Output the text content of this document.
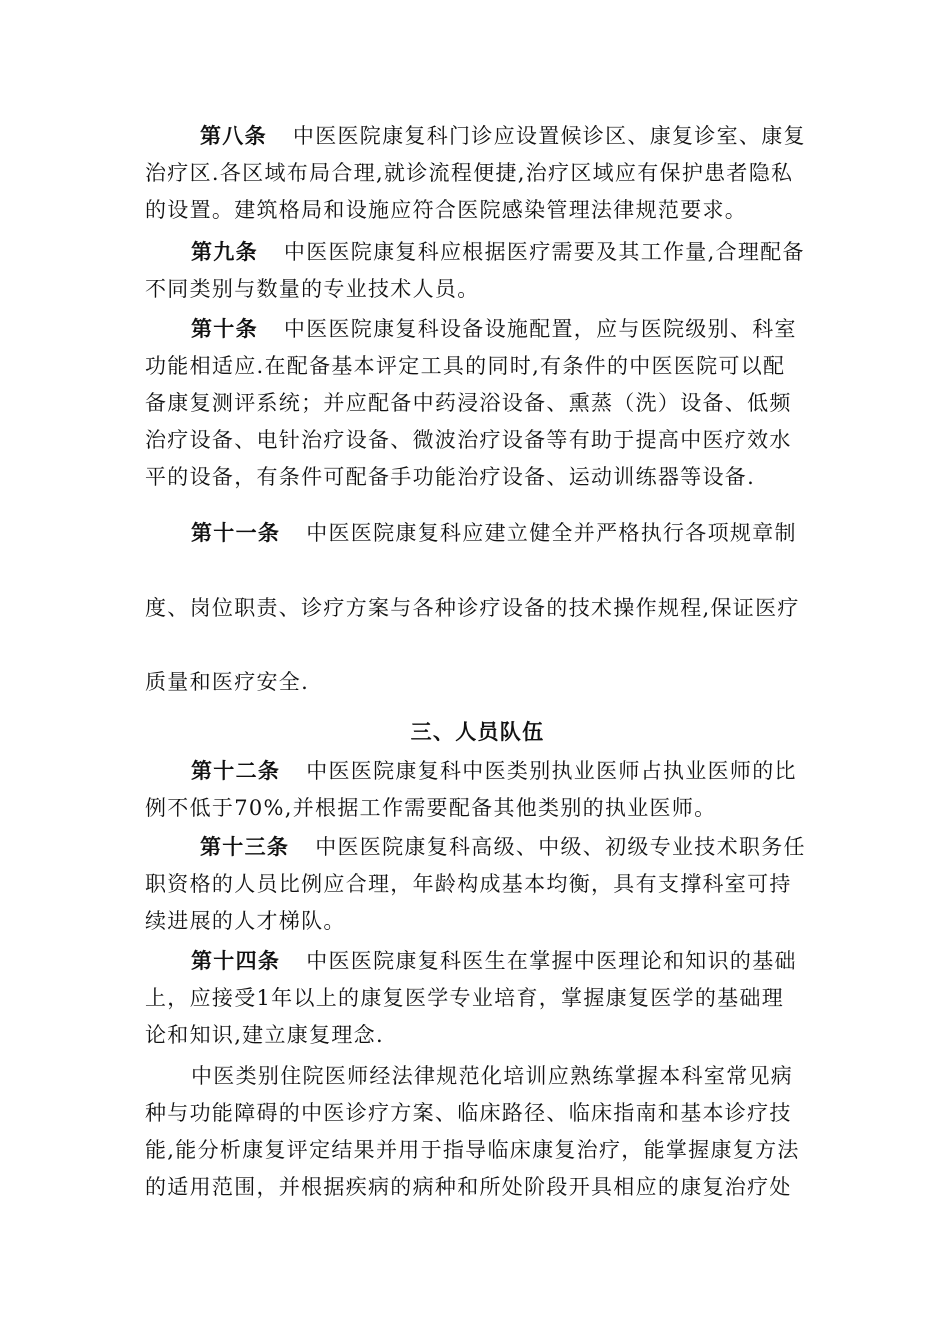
第八条 中医医院康复科门诊应设置候诊区、康复诊室、康复
治疗区.各区域布局合理,就诊流程便捷,治疗区域应有保护患者隐私
的设置。建筑格局和设施应符合医院感染管理法律规范要求。
第九条 中医医院康复科应根据医疗需要及其工作量,合理配备
不同类别与数量的专业技术人员。
第十条 中医医院康复科设备设施配置，应与医院级别、科室
功能相适应.在配备基本评定工具的同时,有条件的中医医院可以配
备康复测评系统；并应配备中药浸浴设备、熏蒸（洗）设备、低频
治疗设备、电针治疗设备、微波治疗设备等有助于提高中医疗效水
平的设备，有条件可配备手功能治疗设备、运动训练器等设备.
第十一条 中医医院康复科应建立健全并严格执行各项规章制
度、岗位职责、诊疗方案与各种诊疗设备的技术操作规程,保证医疗
质量和医疗安全.
三、人员队伍
第十二条 中医医院康复科中医类别执业医师占执业医师的比
例不低于70%,并根据工作需要配备其他类别的执业医师。
第十三条 中医医院康复科高级、中级、初级专业技术职务任
职资格的人员比例应合理，年龄构成基本均衡，具有支撑科室可持
续进展的人才梯队。
第十四条 中医医院康复科医生在掌握中医理论和知识的基础
上，应接受1年以上的康复医学专业培育，掌握康复医学的基础理
论和知识,建立康复理念.
中医类别住院医师经法律规范化培训应熟练掌握本科室常见病
种与功能障碍的中医诊疗方案、临床路径、临床指南和基本诊疗技
能,能分析康复评定结果并用于指导临床康复治疗，能掌握康复方法
的适用范围，并根据疾病的病种和所处阶段开具相应的康复治疗处
